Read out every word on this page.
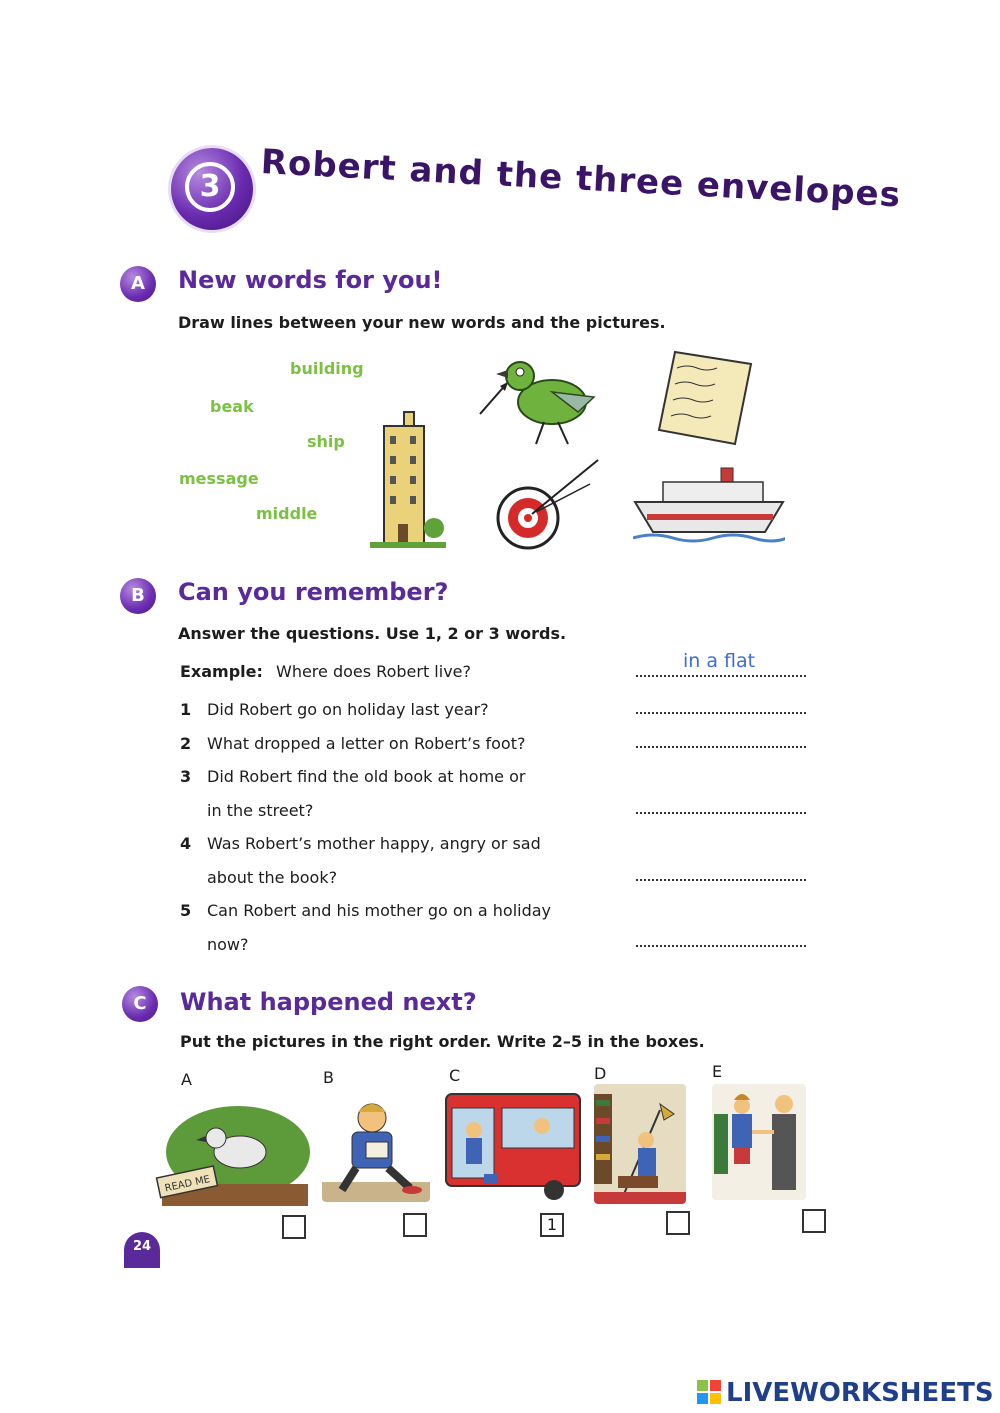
3	Robert and the three envelopes
A	New words for you!
Draw lines between your new words and the pictures.
building
beak
ship
message
middle
B	Can you remember?
Answer the questions. Use 1, 2 or 3 words.
Example: Where does Robert live?	in a flat
1 Did Robert go on holiday last year?
2 What dropped a letter on Robert’s foot?
3 Did Robert find the old book at home or
in the street?
4 Was Robert’s mother happy, angry or sad
about the book?
5 Can Robert and his mother go on a holiday
now?
C	What happened next?
Put the pictures in the right order. Write 2–5 in the boxes.
A	B	C	D	E
READ ME
1
24
LIVEWORKSHEETS
